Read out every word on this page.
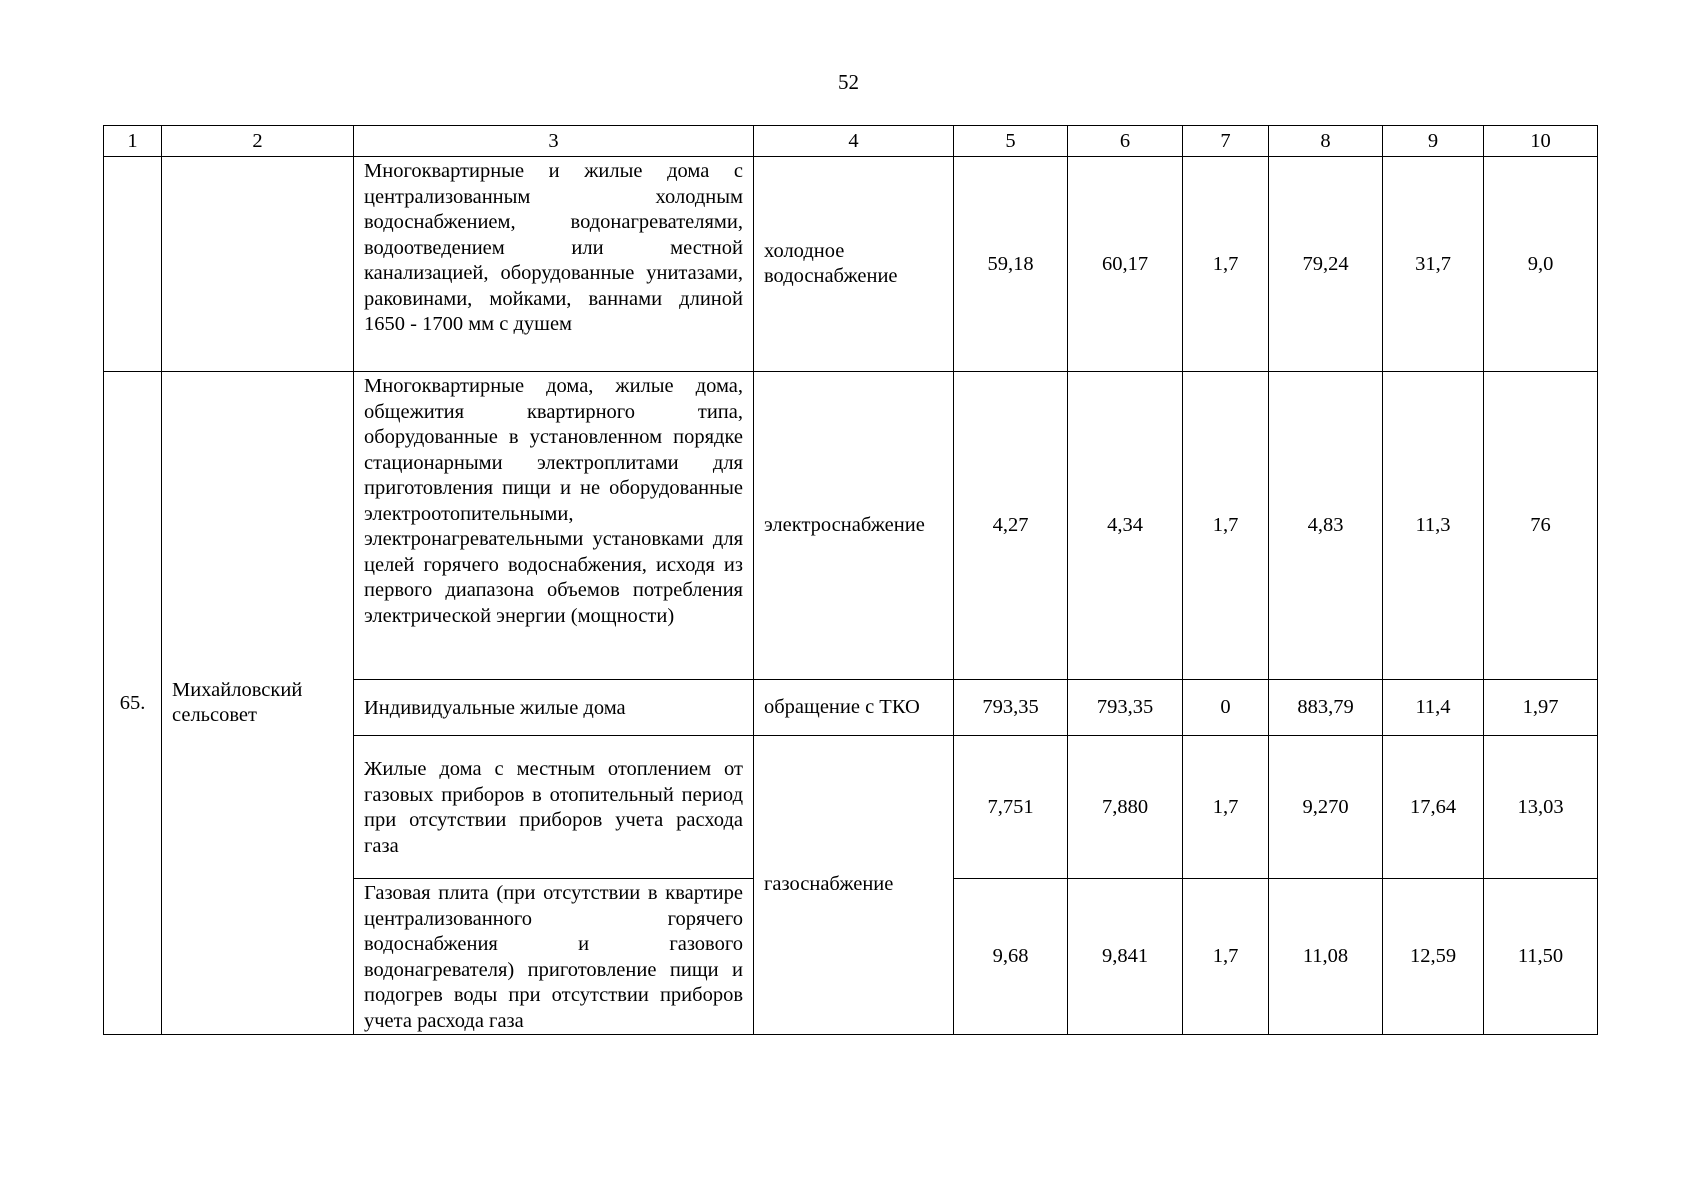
52
1	2	3	4	5	6	7	8	9	10

		Многоквартирные и жилые дома с централизованным холодным водоснабжением, водонагревателями, водоотведением или местной канализацией, оборудованные унитазами, раковинами, мойками, ваннами длиной 1650 - 1700 мм с душем	холодное водоснабжение	59,18	60,17	1,7	79,24	31,7	9,0
65.	Михайловский сельсовет	Многоквартирные дома, жилые дома, общежития квартирного типа, оборудованные в установленном порядке стационарными электроплитами для приготовления пищи и не оборудованные электроотопительными, электронагревательными установками для целей горячего водоснабжения, исходя из первого диапазона объемов потребления электрической энергии (мощности)	электроснабжение	4,27	4,34	1,7	4,83	11,3	76

		Индивидуальные жилые дома	обращение с ТКО	793,35	793,35	0	883,79	11,4	1,97

		Жилые дома с местным отоплением от газовых приборов в отопительный период при отсутствии приборов учета расхода газа	газоснабжение	7,751	7,880	1,7	9,270	17,64	13,03

		Газовая плита (при отсутствии в квартире централизованного горячего водоснабжения и газового водонагревателя) приготовление пищи и подогрев воды при отсутствии приборов учета расхода газа		9,68	9,841	1,7	11,08	12,59	11,50
